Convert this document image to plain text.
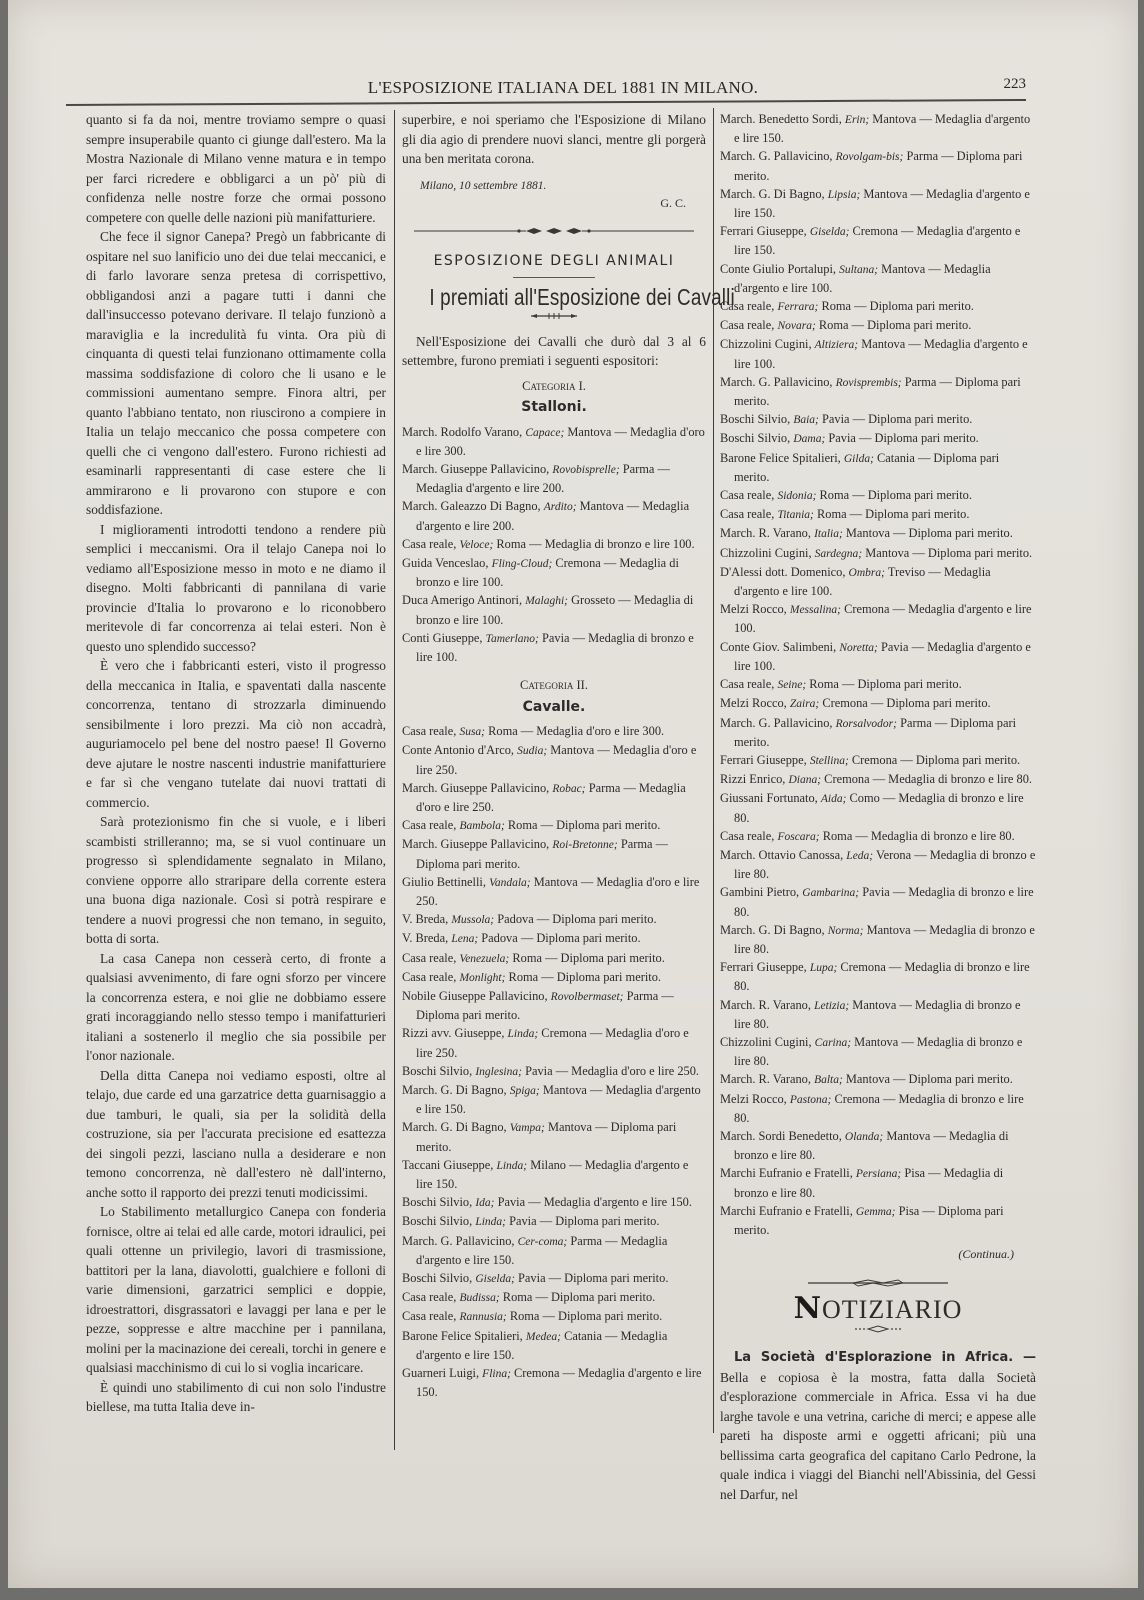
L'ESPOSIZIONE ITALIANA DEL 1881 IN MILANO.	223

quanto si fa da noi, mentre troviamo sempre o quasi sempre insuperabile quanto ci giunge dall'estero. Ma la Mostra Nazionale di Milano venne matura e in tempo per farci ricredere e obbligarci a un pò' più di confidenza nelle nostre forze che ormai possono competere con quelle delle nazioni più manifatturiere.

Che fece il signor Canepa? Pregò un fabbricante di ospitare nel suo lanificio uno dei due telai meccanici, e di farlo lavorare senza pretesa di corrispettivo, obbligandosi anzi a pagare tutti i danni che dall'insuccesso potevano derivare. Il telajo funzionò a maraviglia e la incredulità fu vinta. Ora più di cinquanta di questi telai funzionano ottimamente colla massima soddisfazione di coloro che li usano e le commissioni aumentano sempre. Finora altri, per quanto l'abbiano tentato, non riuscirono a compiere in Italia un telajo meccanico che possa competere con quelli che ci vengono dall'estero. Furono richiesti ad esaminarli rappresentanti di case estere che li ammirarono e li provarono con stupore e con soddisfazione.

I miglioramenti introdotti tendono a rendere più semplici i meccanismi. Ora il telajo Canepa noi lo vediamo all'Esposizione messo in moto e ne diamo il disegno. Molti fabbricanti di pannilana di varie provincie d'Italia lo provarono e lo riconobbero meritevole di far concorrenza ai telai esteri. Non è questo uno splendido successo?

È vero che i fabbricanti esteri, visto il progresso della meccanica in Italia, e spaventati dalla nascente concorrenza, tentano di strozzarla diminuendo sensibilmente i loro prezzi. Ma ciò non accadrà, auguriamocelo pel bene del nostro paese! Il Governo deve ajutare le nostre nascenti industrie manifatturiere e far sì che vengano tutelate dai nuovi trattati di commercio.

Sarà protezionismo fin che si vuole, e i liberi scambisti strilleranno; ma, se si vuol continuare un progresso sì splendidamente segnalato in Milano, conviene opporre allo straripare della corrente estera una buona diga nazionale. Così si potrà respirare e tendere a nuovi progressi che non temano, in seguito, botta di sorta.

La casa Canepa non cesserà certo, di fronte a qualsiasi avvenimento, di fare ogni sforzo per vincere la concorrenza estera, e noi glie ne dobbiamo essere grati incoraggiando nello stesso tempo i manifatturieri italiani a sostenerlo il meglio che sia possibile per l'onor nazionale.

Della ditta Canepa noi vediamo esposti, oltre al telajo, due carde ed una garzatrice detta guarnisaggio a due tamburi, le quali, sia per la solidità della costruzione, sia per l'accurata precisione ed esattezza dei singoli pezzi, lasciano nulla a desiderare e non temono concorrenza, nè dall'estero nè dall'interno, anche sotto il rapporto dei prezzi tenuti modicissimi.

Lo Stabilimento metallurgico Canepa con fonderia fornisce, oltre ai telai ed alle carde, motori idraulici, pei quali ottenne un privilegio, lavori di trasmissione, battitori per la lana, diavolotti, gualchiere e folloni di varie dimensioni, garzatrici semplici e doppie, idroestrattori, disgrassatori e lavaggi per lana e per le pezze, soppresse e altre macchine per i pannilana, molini per la macinazione dei cereali, torchi in genere e qualsiasi macchinismo di cui lo si voglia incaricare.

È quindi uno stabilimento di cui non solo l'industre biellese, ma tutta Italia deve in-

superbire, e noi speriamo che l'Esposizione di Milano gli dia agio di prendere nuovi slanci, mentre gli porgerà una ben meritata corona.

Milano, 10 settembre 1881.

G. C.

ESPOSIZIONE DEGLI ANIMALI
I premiati all'Esposizione dei Cavalli

Nell'Esposizione dei Cavalli che durò dal 3 al 6 settembre, furono premiati i seguenti espositori:

Categoria I.
Stalloni.

March. Rodolfo Varano, Capace; Mantova — Medaglia d'oro e lire 300.

March. Giuseppe Pallavicino, Rovobisprelle; Parma — Medaglia d'argento e lire 200.

March. Galeazzo Di Bagno, Ardito; Mantova — Medaglia d'argento e lire 200.

Casa reale, Veloce; Roma — Medaglia di bronzo e lire 100.

Guida Venceslao, Fling-Cloud; Cremona — Medaglia di bronzo e lire 100.

Duca Amerigo Antinori, Malaghi; Grosseto — Medaglia di bronzo e lire 100.

Conti Giuseppe, Tamerlano; Pavia — Medaglia di bronzo e lire 100.

Categoria II.
Cavalle.

Casa reale, Susa; Roma — Medaglia d'oro e lire 300.

Conte Antonio d'Arco, Sudia; Mantova — Medaglia d'oro e lire 250.

March. Giuseppe Pallavicino, Robac; Parma — Medaglia d'oro e lire 250.

Casa reale, Bambola; Roma — Diploma pari merito.

March. Giuseppe Pallavicino, Roi-Bretonne; Parma — Diploma pari merito.

Giulio Bettinelli, Vandala; Mantova — Medaglia d'oro e lire 250.

V. Breda, Mussola; Padova — Diploma pari merito.

V. Breda, Lena; Padova — Diploma pari merito.

Casa reale, Venezuela; Roma — Diploma pari merito.

Casa reale, Monlight; Roma — Diploma pari merito.

Nobile Giuseppe Pallavicino, Rovolbermaset; Parma — Diploma pari merito.

Rizzi avv. Giuseppe, Linda; Cremona — Medaglia d'oro e lire 250.

Boschi Silvio, Inglesina; Pavia — Medaglia d'oro e lire 250.

March. G. Di Bagno, Spiga; Mantova — Medaglia d'argento e lire 150.

March. G. Di Bagno, Vampa; Mantova — Diploma pari merito.

Taccani Giuseppe, Linda; Milano — Medaglia d'argento e lire 150.

Boschi Silvio, Ida; Pavia — Medaglia d'argento e lire 150.

Boschi Silvio, Linda; Pavia — Diploma pari merito.

March. G. Pallavicino, Cer-coma; Parma — Medaglia d'argento e lire 150.

Boschi Silvio, Giselda; Pavia — Diploma pari merito.

Casa reale, Budissa; Roma — Diploma pari merito.

Casa reale, Rannusia; Roma — Diploma pari merito.

Barone Felice Spitalieri, Medea; Catania — Medaglia d'argento e lire 150.

Guarneri Luigi, Flina; Cremona — Medaglia d'argento e lire 150.

March. Benedetto Sordi, Erin; Mantova — Medaglia d'argento e lire 150.

March. G. Pallavicino, Rovolgam-bis; Parma — Diploma pari merito.

March. G. Di Bagno, Lipsia; Mantova — Medaglia d'argento e lire 150.

Ferrari Giuseppe, Giselda; Cremona — Medaglia d'argento e lire 150.

Conte Giulio Portalupi, Sultana; Mantova — Medaglia d'argento e lire 100.

Casa reale, Ferrara; Roma — Diploma pari merito.

Casa reale, Novara; Roma — Diploma pari merito.

Chizzolini Cugini, Altiziera; Mantova — Medaglia d'argento e lire 100.

March. G. Pallavicino, Rovisprembis; Parma — Diploma pari merito.

Boschi Silvio, Baia; Pavia — Diploma pari merito.

Boschi Silvio, Dama; Pavia — Diploma pari merito.

Barone Felice Spitalieri, Gilda; Catania — Diploma pari merito.

Casa reale, Sidonia; Roma — Diploma pari merito.

Casa reale, Titania; Roma — Diploma pari merito.

March. R. Varano, Italia; Mantova — Diploma pari merito.

Chizzolini Cugini, Sardegna; Mantova — Diploma pari merito.

D'Alessi dott. Domenico, Ombra; Treviso — Medaglia d'argento e lire 100.

Melzi Rocco, Messalina; Cremona — Medaglia d'argento e lire 100.

Conte Giov. Salimbeni, Noretta; Pavia — Medaglia d'argento e lire 100.

Casa reale, Seine; Roma — Diploma pari merito.

Melzi Rocco, Zaira; Cremona — Diploma pari merito.

March. G. Pallavicino, Rorsalvodor; Parma — Diploma pari merito.

Ferrari Giuseppe, Stellina; Cremona — Diploma pari merito.

Rizzi Enrico, Diana; Cremona — Medaglia di bronzo e lire 80.

Giussani Fortunato, Aida; Como — Medaglia di bronzo e lire 80.

Casa reale, Foscara; Roma — Medaglia di bronzo e lire 80.

March. Ottavio Canossa, Leda; Verona — Medaglia di bronzo e lire 80.

Gambini Pietro, Gambarina; Pavia — Medaglia di bronzo e lire 80.

March. G. Di Bagno, Norma; Mantova — Medaglia di bronzo e lire 80.

Ferrari Giuseppe, Lupa; Cremona — Medaglia di bronzo e lire 80.

March. R. Varano, Letizia; Mantova — Medaglia di bronzo e lire 80.

Chizzolini Cugini, Carina; Mantova — Medaglia di bronzo e lire 80.

March. R. Varano, Balta; Mantova — Diploma pari merito.

Melzi Rocco, Pastona; Cremona — Medaglia di bronzo e lire 80.

March. Sordi Benedetto, Olanda; Mantova — Medaglia di bronzo e lire 80.

Marchi Eufranio e Fratelli, Persiana; Pisa — Medaglia di bronzo e lire 80.

Marchi Eufranio e Fratelli, Gemma; Pisa — Diploma pari merito.

(Continua.)

NOTIZIARIO

La Società d'Esplorazione in Africa. — Bella e copiosa è la mostra, fatta dalla Società d'esplorazione commerciale in Africa. Essa vi ha due larghe tavole e una vetrina, cariche di merci; e appese alle pareti ha disposte armi e oggetti africani; più una bellissima carta geografica del capitano Carlo Pedrone, la quale indica i viaggi del Bianchi nell'Abissinia, del Gessi nel Darfur, nel
